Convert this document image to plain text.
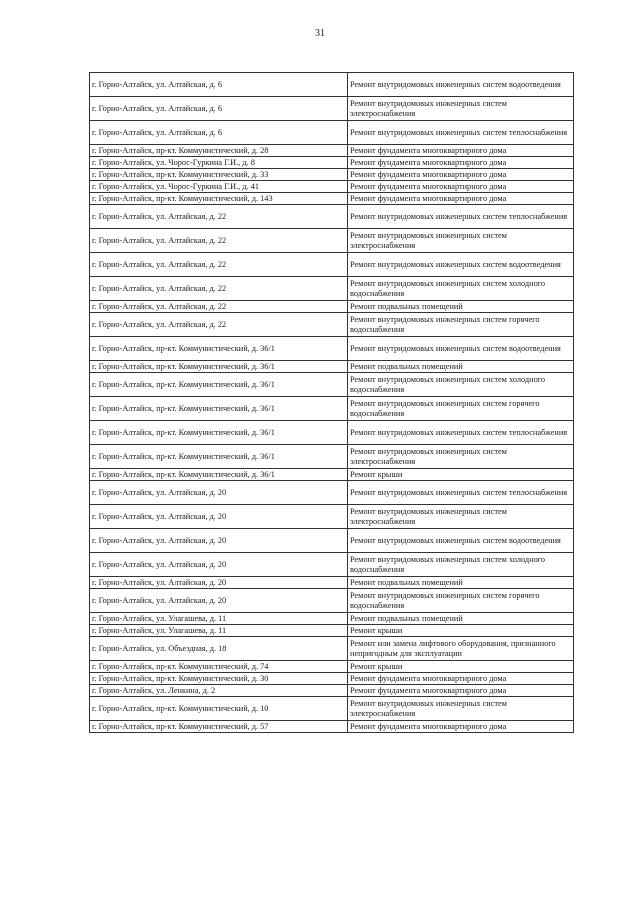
31
г. Горно-Алтайск, ул. Алтайская, д. 6	Ремонт внутридомовых инженерных систем водоотведения
г. Горно-Алтайск, ул. Алтайская, д. 6	Ремонт внутридомовых инженерных систем электроснабжения
г. Горно-Алтайск, ул. Алтайская, д. 6	Ремонт внутридомовых инженерных систем теплоснабжения
г. Горно-Алтайск, пр-кт. Коммунистический, д. 28	Ремонт фундамента многоквартирного дома
г. Горно-Алтайск, ул. Чорос-Гуркина Г.И., д. 8	Ремонт фундамента многоквартирного дома
г. Горно-Алтайск, пр-кт. Коммунистический, д. 33	Ремонт фундамента многоквартирного дома
г. Горно-Алтайск, ул. Чорос-Гуркина Г.И., д. 41	Ремонт фундамента многоквартирного дома
г. Горно-Алтайск, пр-кт. Коммунистический, д. 143	Ремонт фундамента многоквартирного дома
г. Горно-Алтайск, ул. Алтайская, д. 22	Ремонт внутридомовых инженерных систем теплоснабжения
г. Горно-Алтайск, ул. Алтайская, д. 22	Ремонт внутридомовых инженерных систем электроснабжения
г. Горно-Алтайск, ул. Алтайская, д. 22	Ремонт внутридомовых инженерных систем водоотведения
г. Горно-Алтайск, ул. Алтайская, д. 22	Ремонт внутридомовых инженерных систем холодного водоснабжения
г. Горно-Алтайск, ул. Алтайская, д. 22	Ремонт подвальных помещений
г. Горно-Алтайск, ул. Алтайская, д. 22	Ремонт внутридомовых инженерных систем горячего водоснабжения
г. Горно-Алтайск, пр-кт. Коммунистический, д. 36/1	Ремонт внутридомовых инженерных систем водоотведения
г. Горно-Алтайск, пр-кт. Коммунистический, д. 36/1	Ремонт подвальных помещений
г. Горно-Алтайск, пр-кт. Коммунистический, д. 36/1	Ремонт внутридомовых инженерных систем холодного водоснабжения
г. Горно-Алтайск, пр-кт. Коммунистический, д. 36/1	Ремонт внутридомовых инженерных систем горячего водоснабжения
г. Горно-Алтайск, пр-кт. Коммунистический, д. 36/1	Ремонт внутридомовых инженерных систем теплоснабжения
г. Горно-Алтайск, пр-кт. Коммунистический, д. 36/1	Ремонт внутридомовых инженерных систем электроснабжения
г. Горно-Алтайск, пр-кт. Коммунистический, д. 36/1	Ремонт крыши
г. Горно-Алтайск, ул. Алтайская, д. 20	Ремонт внутридомовых инженерных систем теплоснабжения
г. Горно-Алтайск, ул. Алтайская, д. 20	Ремонт внутридомовых инженерных систем электроснабжения
г. Горно-Алтайск, ул. Алтайская, д. 20	Ремонт внутридомовых инженерных систем водоотведения
г. Горно-Алтайск, ул. Алтайская, д. 20	Ремонт внутридомовых инженерных систем холодного водоснабжения
г. Горно-Алтайск, ул. Алтайская, д. 20	Ремонт подвальных помещений
г. Горно-Алтайск, ул. Алтайская, д. 20	Ремонт внутридомовых инженерных систем горячего водоснабжения
г. Горно-Алтайск, ул. Улагашева, д. 11	Ремонт подвальных помещений
г. Горно-Алтайск, ул. Улагашева, д. 11	Ремонт крыши
г. Горно-Алтайск, ул. Объездная, д. 18	Ремонт или замена лифтового оборудования, признанного непригодным для эксплуатации
г. Горно-Алтайск, пр-кт. Коммунистический, д. 74	Ремонт крыши
г. Горно-Алтайск, пр-кт. Коммунистический, д. 30	Ремонт фундамента многоквартирного дома
г. Горно-Алтайск, ул. Ленкина, д. 2	Ремонт фундамента многоквартирного дома
г. Горно-Алтайск, пр-кт. Коммунистический, д. 10	Ремонт внутридомовых инженерных систем электроснабжения
г. Горно-Алтайск, пр-кт. Коммунистический, д. 57	Ремонт фундамента многоквартирного дома
